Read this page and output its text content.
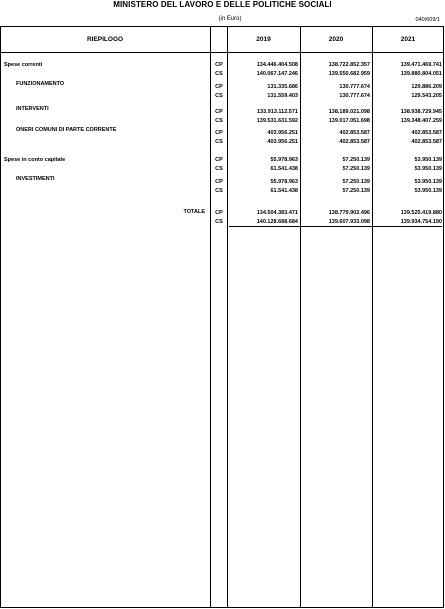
MINISTERO DEL LAVORO E DELLE POLITICHE SOCIALI
(in Euro)	040/609/1
RIEPILOGO	2019	2020	2021
Spese correnti	CP	134.446.404.508	138.722.852.357	139.471.469.741
CS	140.067.147.246	139.550.682.959	139.880.804.051
FUNZIONAMENTO	CP	131.335.686	130.777.674	129.886.209
CS	131.559.403	130.777.674	129.543.205
INTERVENTI	CP	133.913.112.571	138.189.021.098	138.938.729.945
CS	139.531.631.592	139.017.051.698	139.348.407.259
ONERI COMUNI DI PARTE CORRENTE	CP	403.956.251	402.853.587	402.853.587
CS	403.956.251	402.853.587	402.853.587
Spese in conto capitale	CP	55.978.963	57.250.139	53.950.139
CS	61.541.438	57.250.139	53.950.139
INVESTIMENTI	CP	55.978.963	57.250.139	53.950.139
CS	61.541.438	57.250.139	53.950.139
TOTALE	CP	134.504.383.471	138.779.902.496	139.525.419.880
CS	140.128.688.684	139.607.933.098	139.934.754.190
